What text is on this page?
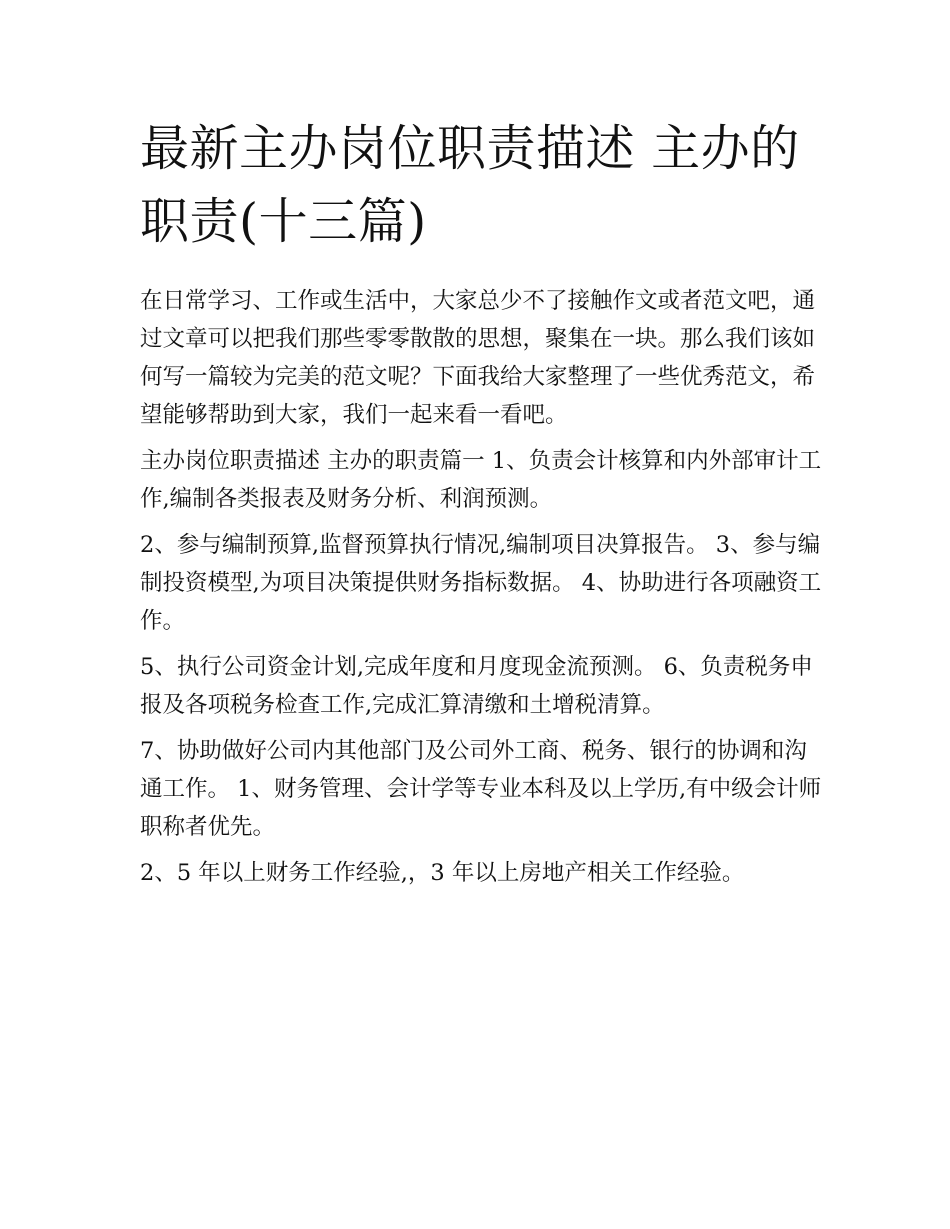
最新主办岗位职责描述 主办的职责(十三篇)

在日常学习、工作或生活中，大家总少不了接触作文或者范文吧，通过文章可以把我们那些零零散散的思想，聚集在一块。那么我们该如何写一篇较为完美的范文呢？下面我给大家整理了一些优秀范文，希望能够帮助到大家，我们一起来看一看吧。

主办岗位职责描述 主办的职责篇一 1、负责会计核算和内外部审计工作,编制各类报表及财务分析、利润预测。

2、参与编制预算,监督预算执行情况,编制项目决算报告。 3、参与编制投资模型,为项目决策提供财务指标数据。 4、协助进行各项融资工作。

5、执行公司资金计划,完成年度和月度现金流预测。 6、负责税务申报及各项税务检查工作,完成汇算清缴和土增税清算。

7、协助做好公司内其他部门及公司外工商、税务、银行的协调和沟通工作。 1、财务管理、会计学等专业本科及以上学历,有中级会计师职称者优先。

2、5 年以上财务工作经验,，3 年以上房地产相关工作经验。
